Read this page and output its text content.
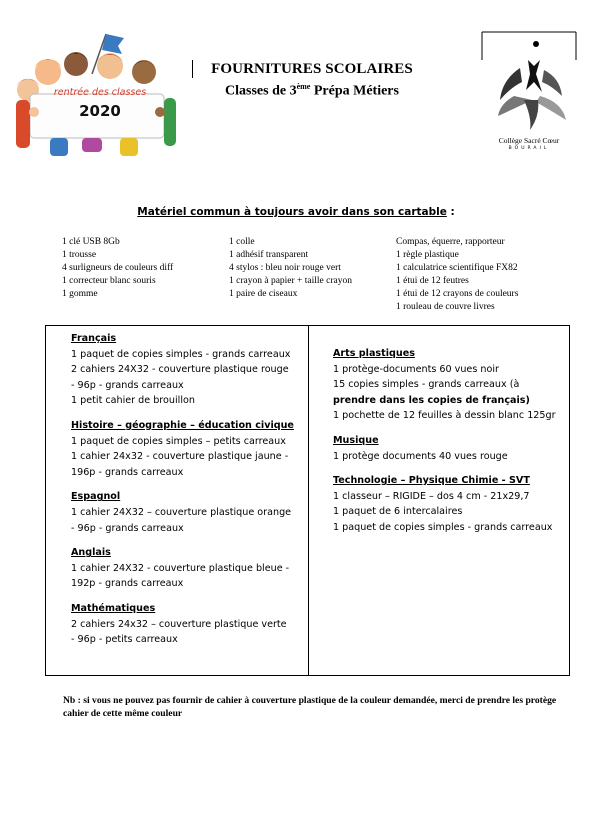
rentrée des classes
2020
FOURNITURES SCOLAIRES
Classes de 3ème Prépa Métiers
Collège Sacré Cœur
BOURAIL
Matériel commun à toujours avoir dans son cartable :
1 clé USB 8Gb
1 trousse
4 surligneurs de couleurs diff
1 correcteur blanc souris
1 gomme
1 colle
1 adhésif transparent
4 stylos : bleu noir rouge vert
1 crayon à papier + taille crayon
1 paire de ciseaux
Compas, équerre, rapporteur
1 règle plastique
1 calculatrice scientifique FX82
1 étui de 12 feutres
1 étui de 12 crayons de couleurs
1 rouleau de couvre livres
Français
1 paquet de copies simples - grands carreaux
2 cahiers 24X32 - couverture plastique rouge
- 96p - grands carreaux
1 petit cahier de brouillon
Histoire – géographie – éducation civique
1 paquet de copies simples – petits carreaux
1 cahier 24x32 - couverture plastique jaune -
196p - grands carreaux
Espagnol
1 cahier 24X32 – couverture plastique orange
- 96p - grands carreaux
Anglais
1 cahier 24X32 - couverture plastique bleue -
192p - grands carreaux
Mathématiques
2 cahiers 24x32 – couverture plastique verte
- 96p - petits carreaux
Arts plastiques
1 protège-documents 60 vues noir
15 copies simples - grands carreaux (à
prendre dans les copies de français)
1 pochette de 12 feuilles à dessin blanc 125gr
Musique
1 protège documents 40 vues rouge
Technologie – Physique Chimie - SVT
1 classeur – RIGIDE – dos 4 cm - 21x29,7
1 paquet de 6 intercalaires
1 paquet de copies simples - grands carreaux
Nb : si vous ne pouvez pas fournir de cahier à couverture plastique de la couleur demandée, merci de prendre les protège cahier de cette même couleur
